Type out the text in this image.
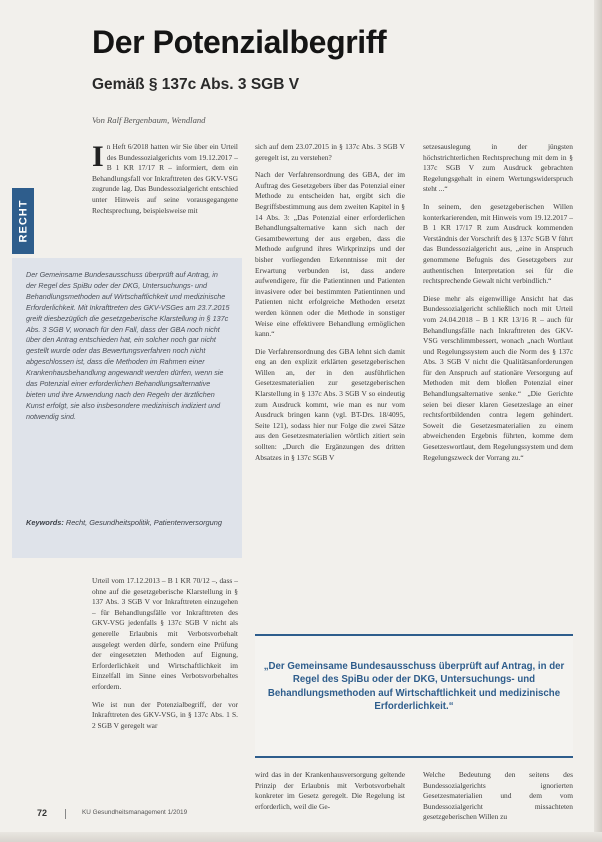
Der Potenzialbegriff
Gemäß § 137c Abs. 3 SGB V
Von Ralf Bergenbaum, Wendland
RECHT

In Heft 6/2018 hatten wir Sie über ein Urteil des Bundessozialgerichts vom 19.12.2017 – B 1 KR 17/17 R – informiert, dem ein Behandlungsfall vor Inkrafttreten des GKV-VSG zugrunde lag. Das Bundessozialgericht entschied unter Hinweis auf seine vorausgegangene Rechtsprechung, beispielsweise mit

Der Gemeinsame Bundesausschuss überprüft auf Antrag, in der Regel des SpiBu oder der DKG, Untersuchungs- und Behandlungsmethoden auf Wirtschaftlichkeit und medizinische Erforderlichkeit. Mit Inkrafttreten des GKV-VSGes am 23.7.2015 greift diesbezüglich die gesetzgeberische Klarstellung in § 137c Abs. 3 SGB V, wonach für den Fall, dass der GBA noch nicht über den Antrag entschieden hat, ein solcher noch gar nicht gestellt wurde oder das Bewertungsverfahren noch nicht abgeschlossen ist, dass die Methoden im Rahmen einer Krankenhausbehandlung angewandt werden dürfen, wenn sie das Potenzial einer erforderlichen Behandlungsalternative bieten und ihre Anwendung nach den Regeln der ärztlichen Kunst erfolgt, sie also insbesondere medizinisch indiziert und notwendig sind.
Keywords: Recht, Gesundheitspolitik, Patientenversorgung

Urteil vom 17.12.2013 – B 1 KR 70/12 –, dass – ohne auf die gesetzgeberische Klarstellung in § 137 Abs. 3 SGB V vor Inkrafttreten einzugehen – für Behandlungsfälle vor Inkrafttreten des GKV-VSG jedenfalls § 137c SGB V nicht als generelle Erlaubnis mit Verbotsvorbehalt ausgelegt werden dürfe, sondern eine Prüfung der eingesetzten Methoden auf Eignung, Erforderlichkeit und Wirtschaftlichkeit im Einzelfall im Sinne eines Verbotsvorbehaltes erfordern.

Wie ist nun der Potenzialbegriff, der vor Inkrafttreten des GKV-VSG, in § 137c Abs. 1 S. 2 SGB V geregelt war

sich auf dem 23.07.2015 in § 137c Abs. 3 SGB V geregelt ist, zu verstehen?

Nach der Verfahrensordnung des GBA, der im Auftrag des Gesetzgebers über das Potenzial einer Methode zu entscheiden hat, ergibt sich die Begriffsbestimmung aus dem zweiten Kapitel in § 14 Abs. 3: „Das Potenzial einer erforderlichen Behandlungsalternative kann sich nach der Gesamtbewertung der aus ergeben, dass die Methode aufgrund ihres Wirkprinzips und der bisher vorliegenden Erkenntnisse mit der Erwartung verbunden ist, dass andere aufwendigere, für die Patientinnen und Patienten invasivere oder bei bestimmten Patientinnen und Patienten nicht erfolgreiche Methoden ersetzt werden können oder die Methode in sonstiger Weise eine effektivere Behandlung ermöglichen kann.“

Die Verfahrensordnung des GBA lehnt sich damit eng an den explizit erklärten gesetzgeberischen Willen an, der in den ausführlichen Gesetzesmaterialien zur gesetzgeberischen Klarstellung in § 137c Abs. 3 SGB V so eindeutig zum Ausdruck kommt, wie man es nur vom Ausdruck bringen kann (vgl. BT-Drs. 18/4095, Seite 121), sodass hier nur Folge die zwei Sätze aus den Gesetzesmaterialien wörtlich zitiert sein sollten: „Durch die Ergänzungen des dritten Absatzes in § 137c SGB V

setzesauslegung in der jüngsten höchstrichterlichen Rechtsprechung mit dem in § 137c SGB V zum Ausdruck gebrachten Regelungsgehalt in einem Wertungswiderspruch steht ...“

In seinem, den gesetzgeberischen Willen konterkarierenden, mit Hinweis vom 19.12.2017 – B 1 KR 17/17 R zum Ausdruck kommenden Verständnis der Vorschrift des § 137c SGB V führt das Bundessozialgericht aus, „eine in Anspruch genommene Befugnis des Gesetzgebers zur authentischen Interpretation sei für die rechtsprechende Gewalt nicht verbindlich.“

Diese mehr als eigenwillige Ansicht hat das Bundessozialgericht schließlich noch mit Urteil vom 24.04.2018 – B 1 KR 13/16 R – auch für Behandlungsfälle nach Inkrafttreten des GKV-VSG verschlimmbessert, wonach „nach Wortlaut und Regelungssystem auch die Norm des § 137c Abs. 3 SGB V nicht die Qualitätsanforderungen für den Anspruch auf stationäre Versorgung auf Methoden mit dem bloßen Potenzial einer Behandlungsalternative senke.“ „Die Gerichte seien bei dieser klaren Gesetzeslage an einer rechtsfortbildenden contra legem gehindert. Soweit die Gesetzesmaterialien zu einem abweichenden Ergebnis führten, komme dem Gesetzeswortlaut, dem Regelungssystem und dem Regelungszweck der Vorrang zu.“

„Der Gemeinsame Bundesausschuss überprüft auf Antrag, in der Regel des SpiBu oder der DKG, Untersuchungs- und Behandlungsmethoden auf Wirtschaftlichkeit und medizinische Erforderlichkeit.“

wird das in der Krankenhausversorgung geltende Prinzip der Erlaubnis mit Verbotsvorbehalt konkreter im Gesetz geregelt. Die Regelung ist erforderlich, weil die Ge-

Welche Bedeutung den seitens des Bundessozialgerichts ignorierten Gesetzesmaterialien und dem vom Bundessozialgericht missachteten gesetzgeberischen Willen zu

72	KU Gesundheitsmanagement 1/2019
